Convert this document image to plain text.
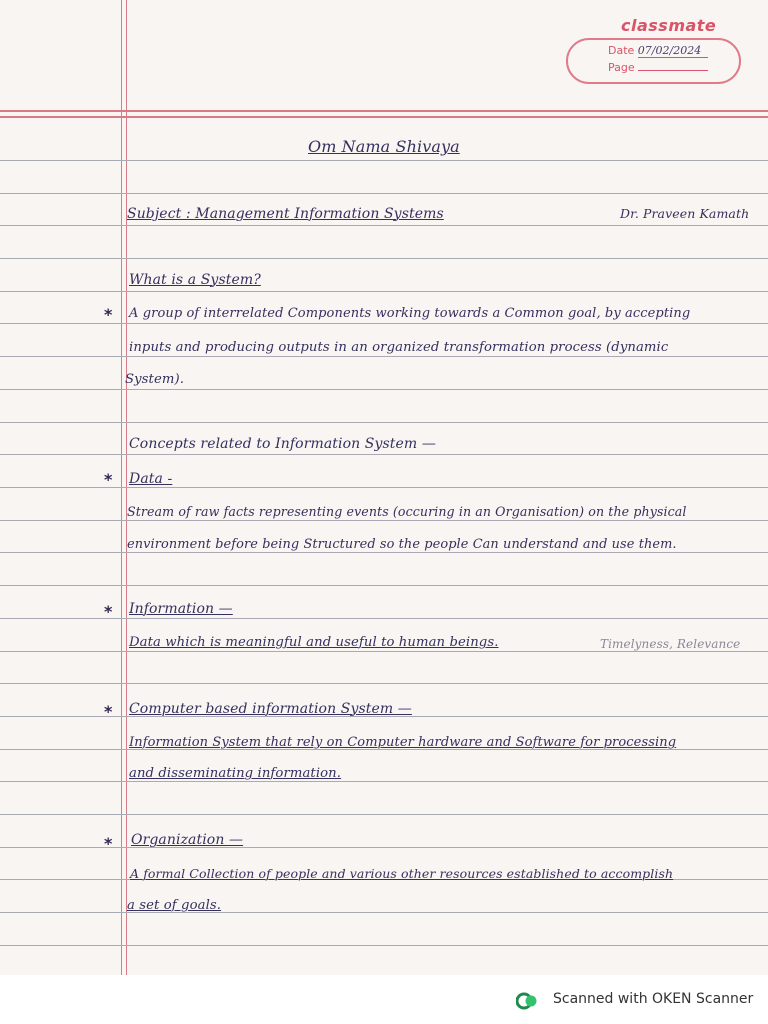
classmate
Date 07/02/2024
Page
Om Nama Shivaya
Subject : Management Information Systems	Dr. Praveen Kamath
What is a System?
* A group of interrelated Components working towards a Common goal, by accepting
inputs and producing outputs in an organized transformation process (dynamic
System).
Concepts related to Information System —
* Data -
Stream of raw facts representing events (occuring in an Organisation) on the physical
environment before being Structured so the people Can understand and use them.
* Information —
Data which is meaningful and useful to human beings.	Timelyness, Relevance
* Computer based information System —
Information System that rely on Computer hardware and Software for processing
and disseminating information.
* Organization —
A formal Collection of people and various other resources established to accomplish
a set of goals.
Scanned with OKEN Scanner
